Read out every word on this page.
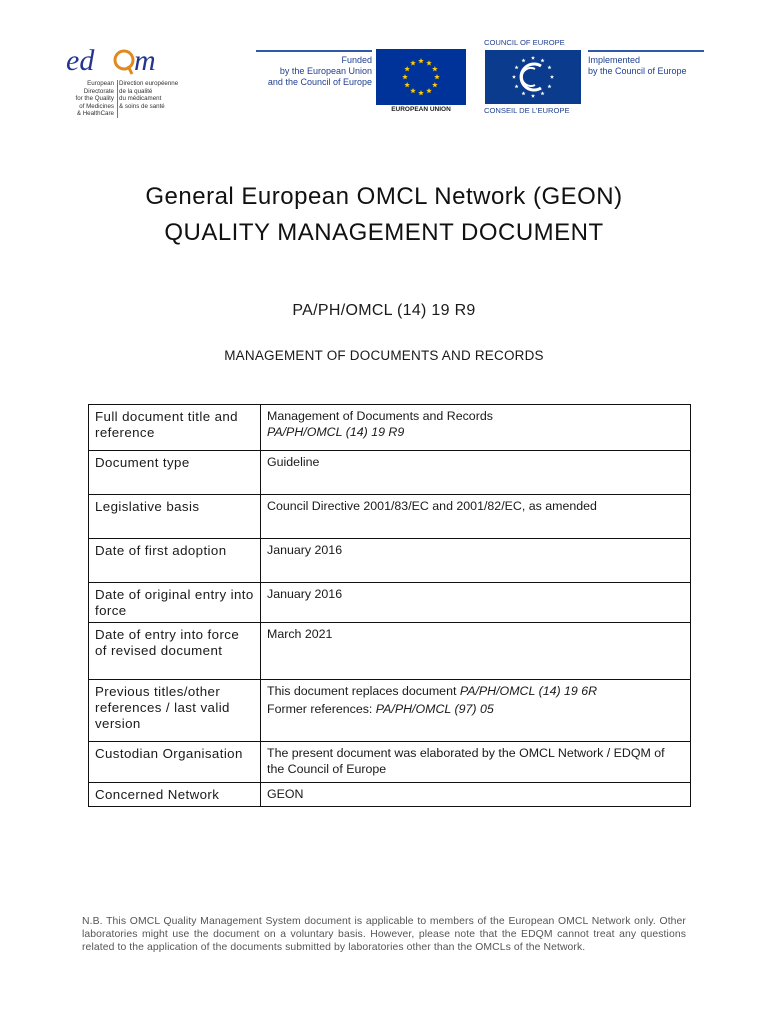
ed m
European Directorate
for the Quality
of Medicines
& HealthCare
Direction européenne
de la qualité
du médicament
& soins de santé
Funded
by the European Union
and the Council of Europe
EUROPEAN UNION
COUNCIL OF EUROPE
CONSEIL DE L'EUROPE
Implemented
by the Council of Europe
General European OMCL Network (GEON)
QUALITY MANAGEMENT DOCUMENT
PA/PH/OMCL (14) 19 R9
MANAGEMENT OF DOCUMENTS AND RECORDS
Full document title and reference	Management of Documents and Records
PA/PH/OMCL (14) 19 R9

Document type	Guideline
Legislative basis	Council Directive 2001/83/EC and 2001/82/EC, as amended
Date of first adoption	January 2016
Date of original entry into force	January 2016
Date of entry into force of revised document	March 2021
Previous titles/other references / last valid version	This document replaces document PA/PH/OMCL (14) 19 6R
Former references: PA/PH/OMCL (97) 05

Custodian Organisation	The present document was elaborated by the OMCL Network / EDQM of the Council of Europe
Concerned Network	GEON
N.B. This OMCL Quality Management System document is applicable to members of the European OMCL Network only. Other laboratories might use the document on a voluntary basis. However, please note that the EDQM cannot treat any questions related to the application of the documents submitted by laboratories other than the OMCLs of the Network.
